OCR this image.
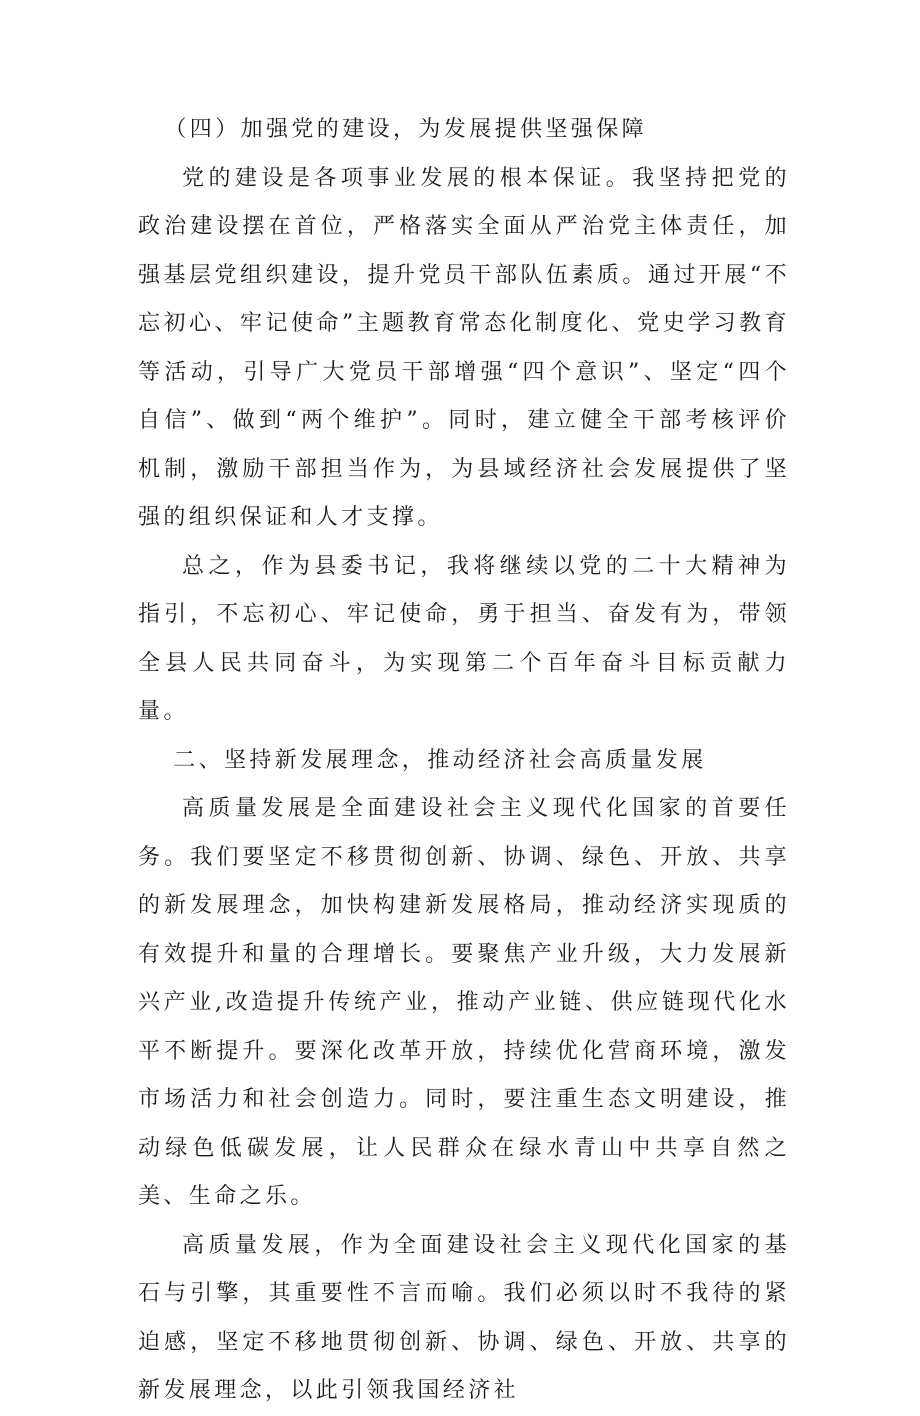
（四）加强党的建设，为发展提供坚强保障

党的建设是各项事业发展的根本保证。我坚持把党的政治建设摆在首位，严格落实全面从严治党主体责任，加强基层党组织建设，提升党员干部队伍素质。通过开展“不忘初心、牢记使命”主题教育常态化制度化、党史学习教育等活动，引导广大党员干部增强“四个意识”、坚定“四个自信”、做到“两个维护”。同时，建立健全干部考核评价机制，激励干部担当作为，为县域经济社会发展提供了坚强的组织保证和人才支撑。

总之，作为县委书记，我将继续以党的二十大精神为指引，不忘初心、牢记使命，勇于担当、奋发有为，带领全县人民共同奋斗，为实现第二个百年奋斗目标贡献力量。

二、坚持新发展理念，推动经济社会高质量发展

高质量发展是全面建设社会主义现代化国家的首要任务。我们要坚定不移贯彻创新、协调、绿色、开放、共享的新发展理念，加快构建新发展格局，推动经济实现质的有效提升和量的合理增长。要聚焦产业升级，大力发展新兴产业,改造提升传统产业，推动产业链、供应链现代化水平不断提升。要深化改革开放，持续优化营商环境，激发市场活力和社会创造力。同时，要注重生态文明建设，推动绿色低碳发展，让人民群众在绿水青山中共享自然之美、生命之乐。

高质量发展，作为全面建设社会主义现代化国家的基石与引擎，其重要性不言而喻。我们必须以时不我待的紧迫感，坚定不移地贯彻创新、协调、绿色、开放、共享的新发展理念，以此引领我国经济社
